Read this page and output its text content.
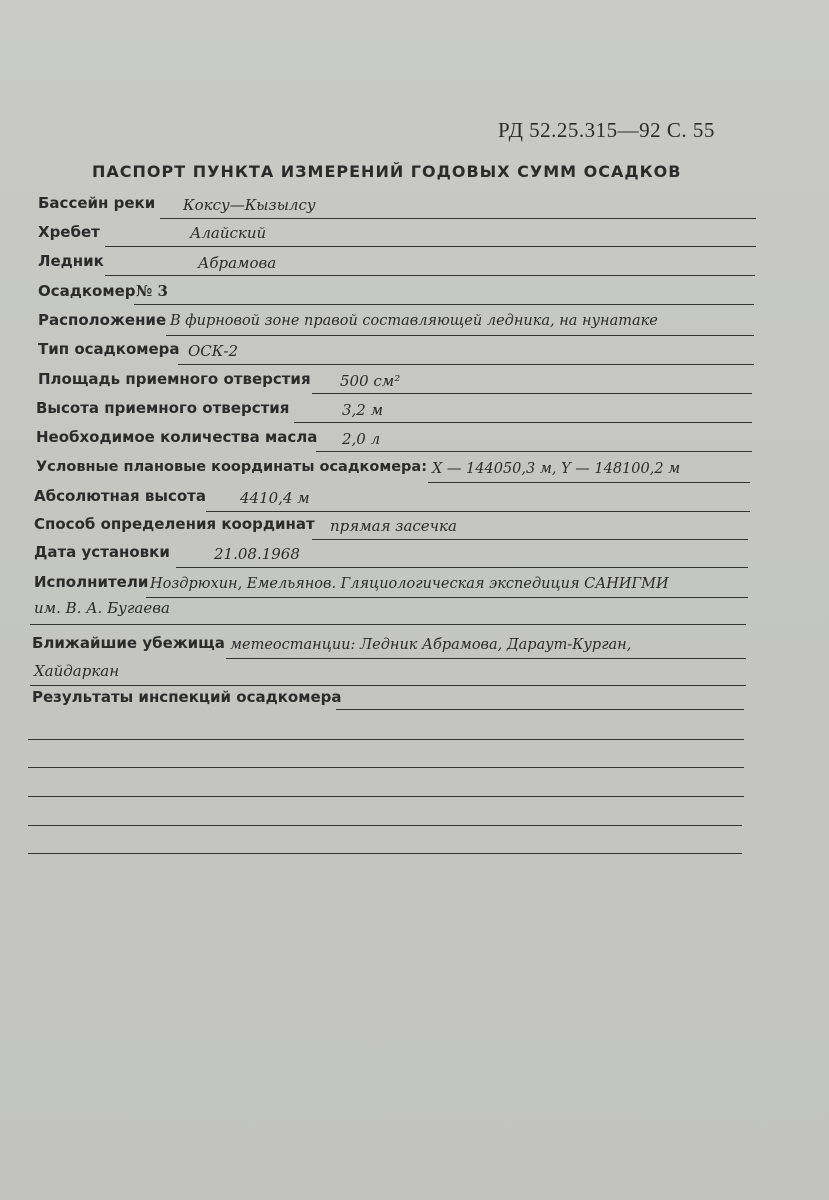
РД 52.25.315—92 С. 55
ПАСПОРТ ПУНКТА ИЗМЕРЕНИЙ ГОДОВЫХ СУММ ОСАДКОВ
Бассейн реки Коксу—Кызылсу
Хребет	Алайский
Ледник	Абрамова
Осадкомер № 3
Расположение В фирновой зоне правой составляющей ледника, на нунатаке
Тип осадкомера ОСК-2
Площадь приемного отверстия 500 см²
Высота приемного отверстия	3,2 м
Необходимое количества масла 2,0 л
Условные плановые координаты осадкомера: X — 144050,3 м, Y — 148100,2 м
Абсолютная высота 4410,4 м
Способ определения координат прямая засечка
Дата установки	21.08.1968
Исполнители Ноздрюхин, Емельянов. Гляциологическая экспедиция САНИГМИ
им. В. А. Бугаева
Ближайшие убежища метеостанции: Ледник Абрамова, Дараут-Курган,
Хайдаркан
Результаты инспекций осадкомера
